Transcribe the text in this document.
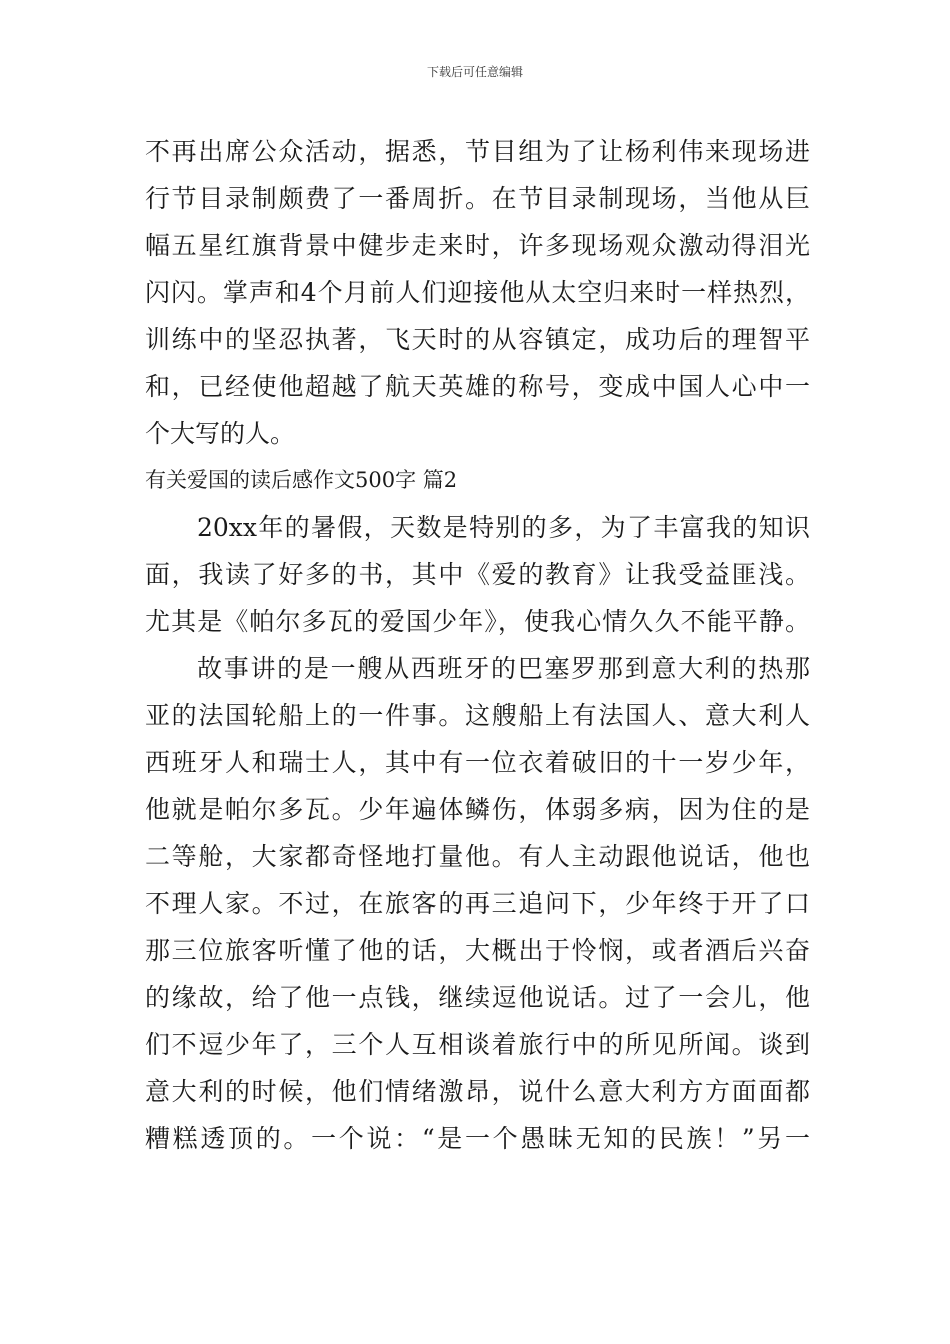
下载后可任意编辑
不再出席公众活动，据悉，节目组为了让杨利伟来现场进
行节目录制颇费了一番周折。在节目录制现场，当他从巨
幅五星红旗背景中健步走来时，许多现场观众激动得泪光
闪闪。掌声和4个月前人们迎接他从太空归来时一样热烈，
训练中的坚忍执著，飞天时的从容镇定，成功后的理智平
和，已经使他超越了航天英雄的称号，变成中国人心中一
个大写的人。
有关爱国的读后感作文500字 篇2
20xx年的暑假，天数是特别的多，为了丰富我的知识
面，我读了好多的书，其中《爱的教育》让我受益匪浅。
尤其是《帕尔多瓦的爱国少年》，使我心情久久不能平静。
故事讲的是一艘从西班牙的巴塞罗那到意大利的热那
亚的法国轮船上的一件事。这艘船上有法国人、意大利人
西班牙人和瑞士人，其中有一位衣着破旧的十一岁少年，
他就是帕尔多瓦。少年遍体鳞伤，体弱多病，因为住的是
二等舱，大家都奇怪地打量他。有人主动跟他说话，他也
不理人家。不过，在旅客的再三追问下，少年终于开了口
那三位旅客听懂了他的话，大概出于怜悯，或者酒后兴奋
的缘故，给了他一点钱，继续逗他说话。过了一会儿，他
们不逗少年了，三个人互相谈着旅行中的所见所闻。谈到
意大利的时候，他们情绪激昂，说什么意大利方方面面都
糟糕透顶的。一个说：“是一个愚昧无知的民族！”另一
